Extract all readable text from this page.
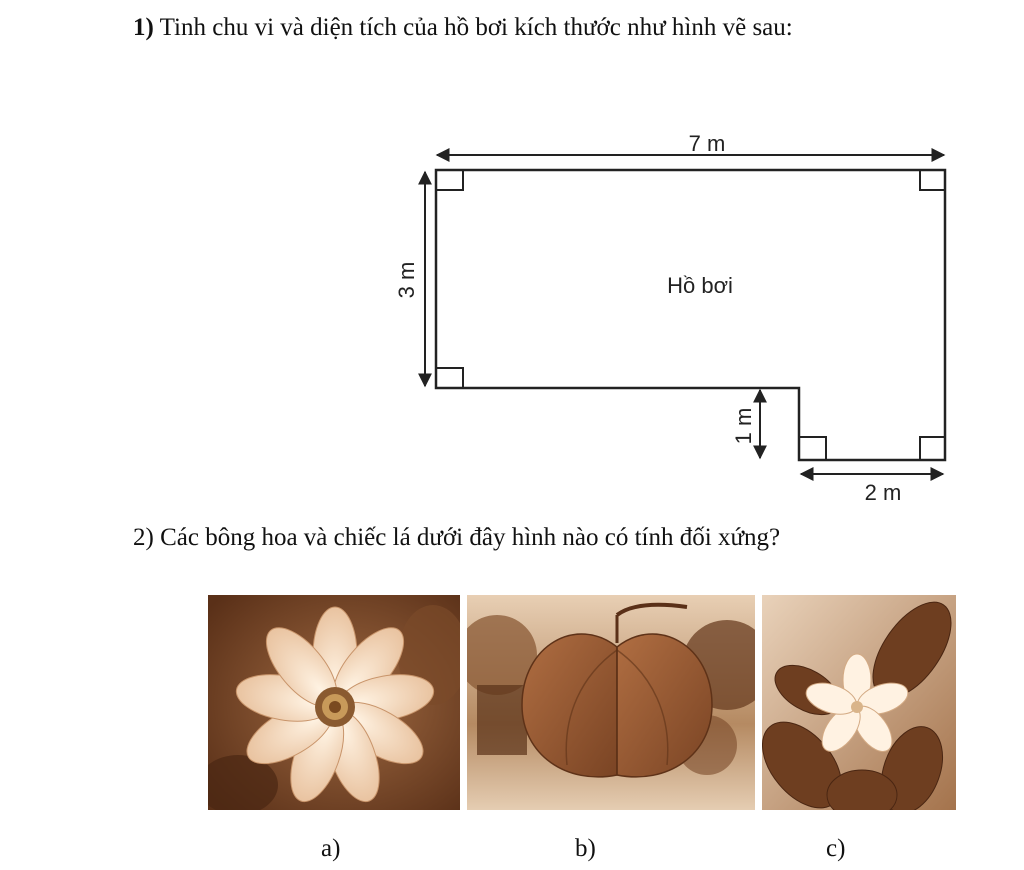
1) Tinh chu vi và diện tích của hồ bơi kích thước như hình vẽ sau:
7 m
3 m
1 m
2 m
Hồ bơi
2) Các bông hoa và chiếc lá dưới đây hình nào có tính đối xứng?
a)	b)	c)
